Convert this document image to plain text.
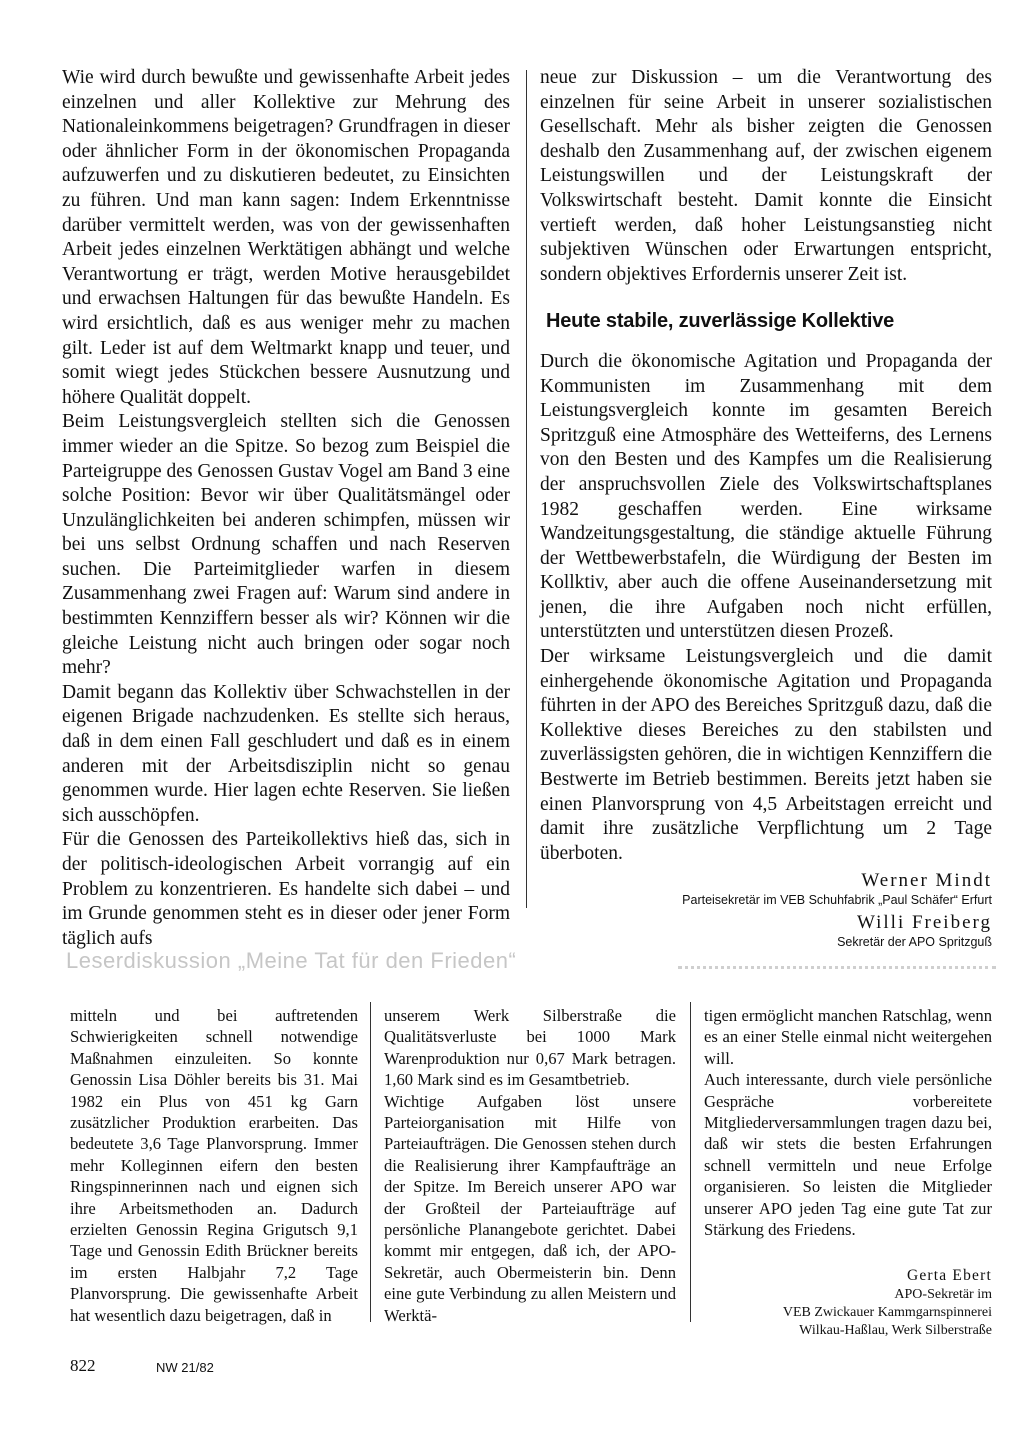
Wie wird durch bewußte und gewissenhafte Arbeit jedes einzelnen und aller Kollektive zur Mehrung des Nationaleinkommens beigetragen? Grundfragen in dieser oder ähnlicher Form in der ökonomischen Propaganda aufzuwerfen und zu diskutieren bedeutet, zu Einsichten zu führen. Und man kann sagen: Indem Erkenntnisse darüber vermittelt werden, was von der gewissenhaften Arbeit jedes einzelnen Werktätigen abhängt und welche Verantwortung er trägt, werden Motive herausgebildet und erwachsen Haltungen für das bewußte Handeln. Es wird ersichtlich, daß es aus weniger mehr zu machen gilt. Leder ist auf dem Weltmarkt knapp und teuer, und somit wiegt jedes Stückchen bessere Ausnutzung und höhere Qualität doppelt.

Beim Leistungsvergleich stellten sich die Genossen immer wieder an die Spitze. So bezog zum Beispiel die Parteigruppe des Genossen Gustav Vogel am Band 3 eine solche Position: Bevor wir über Qualitätsmängel oder Unzulänglichkeiten bei anderen schimpfen, müssen wir bei uns selbst Ordnung schaffen und nach Reserven suchen. Die Parteimitglieder warfen in diesem Zusammenhang zwei Fragen auf: Warum sind andere in bestimmten Kennziffern besser als wir? Können wir die gleiche Leistung nicht auch bringen oder sogar noch mehr?

Damit begann das Kollektiv über Schwachstellen in der eigenen Brigade nachzudenken. Es stellte sich heraus, daß in dem einen Fall geschludert und daß es in einem anderen mit der Arbeitsdisziplin nicht so genau genommen wurde. Hier lagen echte Reserven. Sie ließen sich ausschöpfen.

Für die Genossen des Parteikollektivs hieß das, sich in der politisch-ideologischen Arbeit vorrangig auf ein Problem zu konzentrieren. Es handelte sich dabei – und im Grunde genommen steht es in dieser oder jener Form täglich aufs

neue zur Diskussion – um die Verantwortung des einzelnen für seine Arbeit in unserer sozialistischen Gesellschaft. Mehr als bisher zeigten die Genossen deshalb den Zusammenhang auf, der zwischen eigenem Leistungswillen und der Leistungskraft der Volkswirtschaft besteht. Damit konnte die Einsicht vertieft werden, daß hoher Leistungsanstieg nicht subjektiven Wünschen oder Erwartungen entspricht, sondern objektives Erfordernis unserer Zeit ist.

Heute stabile, zuverlässige Kollektive

Durch die ökonomische Agitation und Propaganda der Kommunisten im Zusammenhang mit dem Leistungsvergleich konnte im gesamten Bereich Spritzguß eine Atmosphäre des Wetteiferns, des Lernens von den Besten und des Kampfes um die Realisierung der anspruchsvollen Ziele des Volkswirtschaftsplanes 1982 geschaffen werden. Eine wirksame Wandzeitungsgestaltung, die ständige aktuelle Führung der Wettbewerbstafeln, die Würdigung der Besten im Kollktiv, aber auch die offene Auseinandersetzung mit jenen, die ihre Aufgaben noch nicht erfüllen, unterstützten und unterstützen diesen Prozeß.

Der wirksame Leistungsvergleich und die damit einhergehende ökonomische Agitation und Propaganda führten in der APO des Bereiches Spritzguß dazu, daß die Kollektive dieses Bereiches zu den stabilsten und zuverlässigsten gehören, die in wichtigen Kennziffern die Bestwerte im Betrieb bestimmen. Bereits jetzt haben sie einen Planvorsprung von 4,5 Arbeitstagen erreicht und damit ihre zusätzliche Verpflichtung um 2 Tage überboten.

Werner Mindt
Parteisekretär im VEB Schuhfabrik „Paul Schäfer“ Erfurt
Willi Freiberg
Sekretär der APO Spritzguß
Leserdiskussion „Meine Tat für den Frieden“

mitteln und bei auftretenden Schwierigkeiten schnell notwendige Maßnahmen einzuleiten. So konnte Genossin Lisa Döhler bereits bis 31. Mai 1982 ein Plus von 451 kg Garn zusätzlicher Produktion erarbeiten. Das bedeutete 3,6 Tage Planvorsprung. Immer mehr Kolleginnen eifern den besten Ringspinnerinnen nach und eignen sich ihre Arbeitsmethoden an. Dadurch erzielten Genossin Regina Grigutsch 9,1 Tage und Genossin Edith Brückner bereits im ersten Halbjahr 7,2 Tage Planvorsprung. Die gewissenhafte Arbeit hat wesentlich dazu beigetragen, daß in

unserem Werk Silberstraße die Qualitätsverluste bei 1000 Mark Warenproduktion nur 0,67 Mark betragen. 1,60 Mark sind es im Gesamtbetrieb.

Wichtige Aufgaben löst unsere Parteiorganisation mit Hilfe von Parteiaufträgen. Die Genossen stehen durch die Realisierung ihrer Kampfaufträge an der Spitze. Im Bereich unserer APO war der Großteil der Parteiaufträge auf persönliche Planangebote gerichtet. Dabei kommt mir entgegen, daß ich, der APO-Sekretär, auch Obermeisterin bin. Denn eine gute Verbindung zu allen Meistern und Werktä-

tigen ermöglicht manchen Ratschlag, wenn es an einer Stelle einmal nicht weitergehen will.

Auch interessante, durch viele persönliche Gespräche vorbereitete Mitgliederversammlungen tragen dazu bei, daß wir stets die besten Erfahrungen schnell vermitteln und neue Erfolge organisieren. So leisten die Mitglieder unserer APO jeden Tag eine gute Tat zur Stärkung des Friedens.

Gerta Ebert
APO-Sekretär im
VEB Zwickauer Kammgarnspinnerei
Wilkau-Haßlau, Werk Silberstraße
822	NW 21/82
